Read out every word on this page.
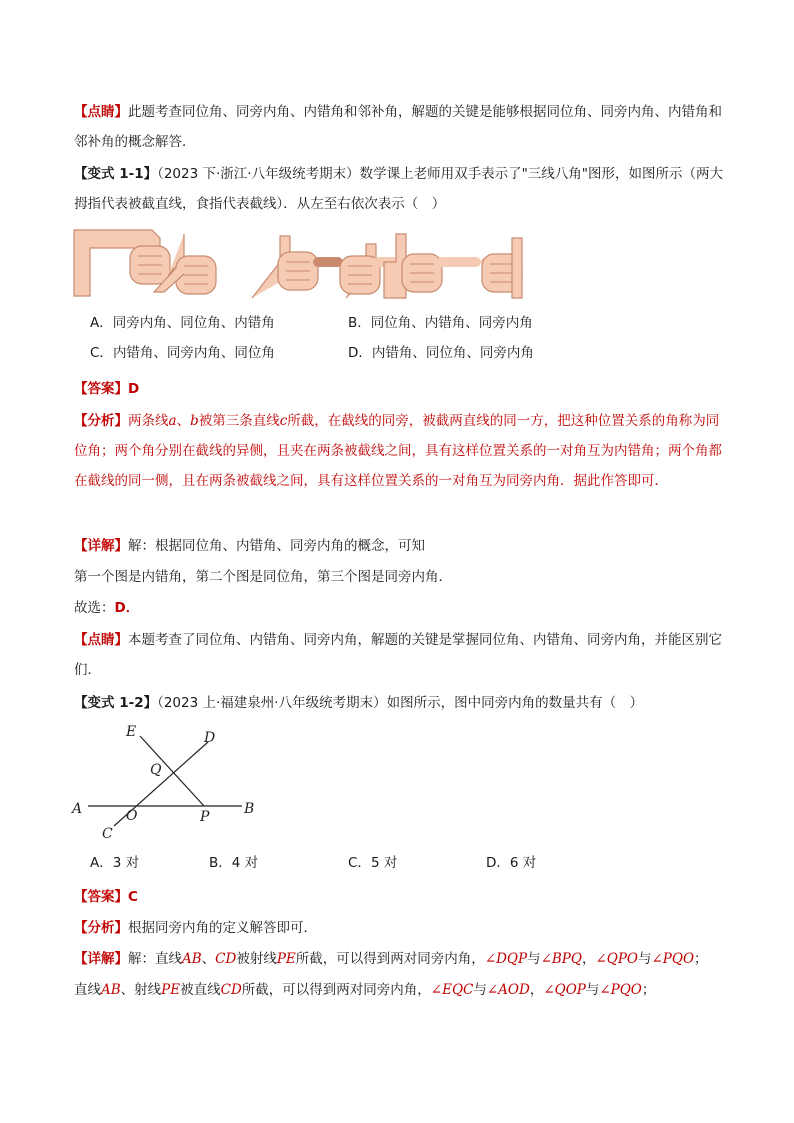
【点睛】此题考查同位角、同旁内角、内错角和邻补角，解题的关键是能够根据同位角、同旁内角、内错角和邻补角的概念解答．

【变式 1-1】（2023 下·浙江·八年级统考期末）数学课上老师用双手表示了"三线八角"图形，如图所示（两大拇指代表被截直线，食指代表截线）．从左至右依次表示（　）

A．同旁内角、同位角、内错角	B．同位角、内错角、同旁内角
C．内错角、同旁内角、同位角	D．内错角、同位角、同旁内角

【答案】D

【分析】两条线a、b被第三条直线c所截，在截线的同旁，被截两直线的同一方，把这种位置关系的角称为同位角；两个角分别在截线的异侧，且夹在两条被截线之间，具有这样位置关系的一对角互为内错角；两个角都在截线的同一侧，且在两条被截线之间，具有这样位置关系的一对角互为同旁内角．据此作答即可．

【详解】解：根据同位角、内错角、同旁内角的概念，可知

第一个图是内错角，第二个图是同位角，第三个图是同旁内角．

故选：D．

【点睛】本题考查了同位角、内错角、同旁内角，解题的关键是掌握同位角、内错角、同旁内角，并能区别它们．

【变式 1-2】（2023 上·福建泉州·八年级统考期末）如图所示，图中同旁内角的数量共有（　）

E	D
Q
A	O	P B
C
A．3 对	B．4 对	C．5 对	D．6 对

【答案】C

【分析】根据同旁内角的定义解答即可．

【详解】解：直线AB、CD被射线PE所截，可以得到两对同旁内角，∠DQP与∠BPQ，∠QPO与∠PQO；

直线AB、射线PE被直线CD所截，可以得到两对同旁内角，∠EQC与∠AOD，∠QOP与∠PQO；
